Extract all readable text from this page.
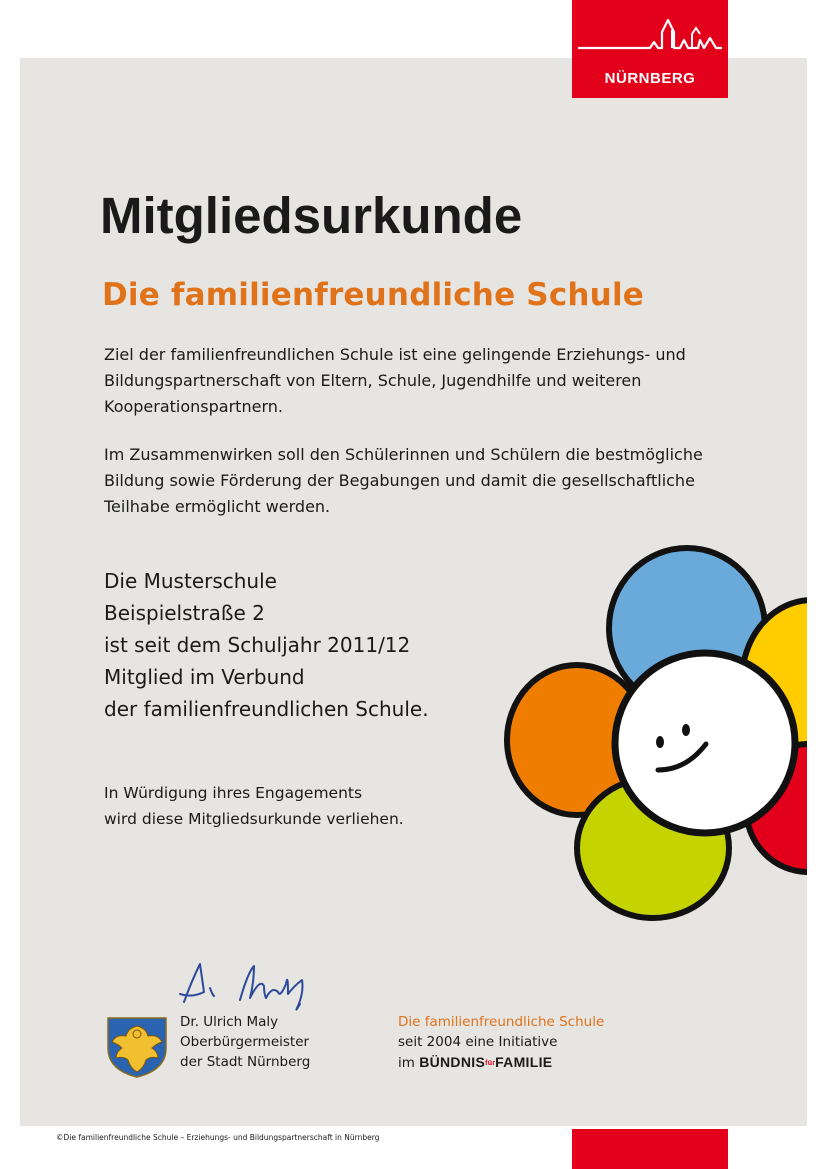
NÜRNBERG
Mitgliedsurkunde
Die familienfreundliche Schule

Ziel der familienfreundlichen Schule ist eine gelingende Erziehungs- und Bildungspartnerschaft von Eltern, Schule, Jugendhilfe und weiteren Kooperationspartnern.

Im Zusammenwirken soll den Schülerinnen und Schülern die bestmögliche Bildung sowie Förderung der Begabungen und damit die gesellschaftliche Teilhabe ermöglicht werden.

Die Musterschule
Beispielstraße 2
ist seit dem Schuljahr 2011/12
Mitglied im Verbund
der familienfreundlichen Schule.
In Würdigung ihres Engagements
wird diese Mitgliedsurkunde verliehen.
Dr. Ulrich Maly
Oberbürgermeister
der Stadt Nürnberg
Die familienfreundliche Schule
seit 2004 eine Initiative
im BÜNDNISfürFAMILIE
©Die familienfreundliche Schule – Erziehungs- und Bildungspartnerschaft in Nürnberg
